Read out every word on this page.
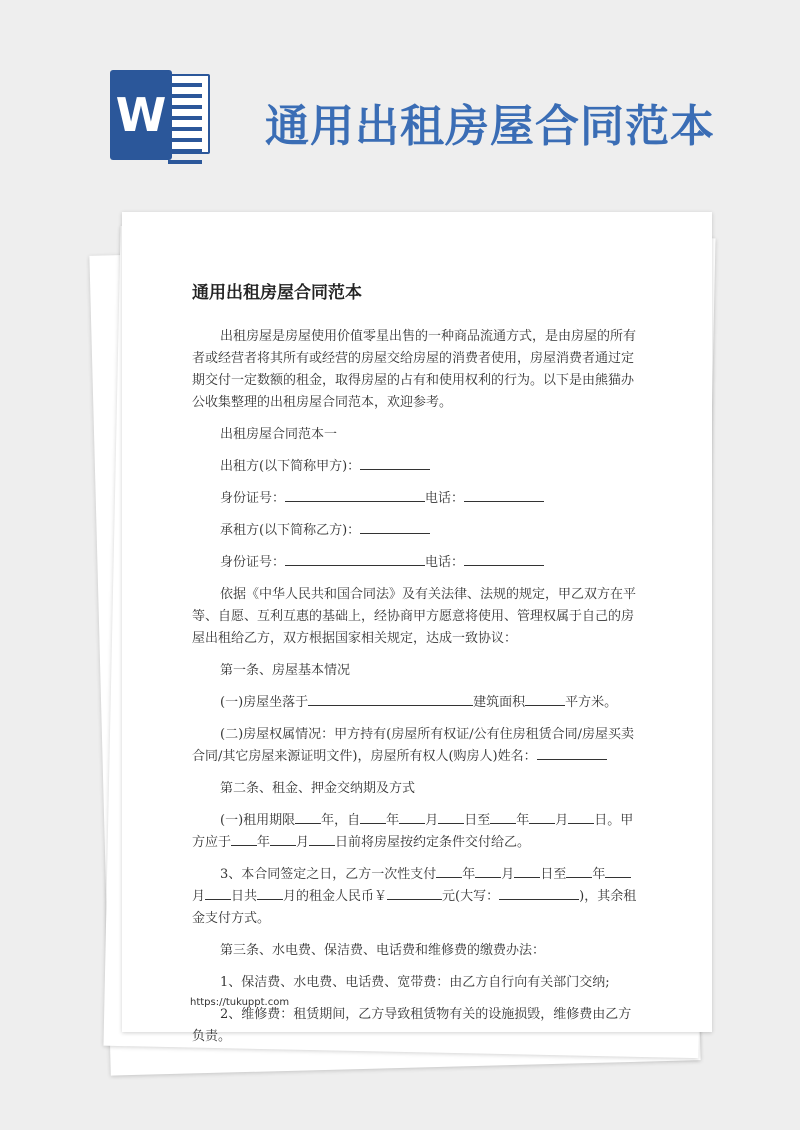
W 通用出租房屋合同范本
通用出租房屋合同范本

出租房屋是房屋使用价值零星出售的一种商品流通方式，是由房屋的所有者或经营者将其所有或经营的房屋交给房屋的消费者使用，房屋消费者通过定期交付一定数额的租金，取得房屋的占有和使用权利的行为。以下是由熊猫办公收集整理的出租房屋合同范本，欢迎参考。

出租房屋合同范本一

出租方(以下简称甲方)：

身份证号：	电话：

承租方(以下简称乙方)：

身份证号：	电话：

依据《中华人民共和国合同法》及有关法律、法规的规定，甲乙双方在平等、自愿、互利互惠的基础上，经协商甲方愿意将使用、管理权属于自己的房屋出租给乙方，双方根据国家相关规定，达成一致协议：

第一条、房屋基本情况

(一)房屋坐落于	建筑面积	平方米。

(二)房屋权属情况：甲方持有(房屋所有权证/公有住房租赁合同/房屋买卖合同/其它房屋来源证明文件)，房屋所有权人(购房人)姓名：

第二条、租金、押金交纳期及方式

(一)租用期限 年，自 年 月 日至 年 月 日。甲方应于 年 月 日前将房屋按约定条件交付给乙。

3、本合同签定之日，乙方一次性支付 年 月 日至 年月 日共 月的租金人民币￥	元(大写：	)，其余租金支付方式。

第三条、水电费、保洁费、电话费和维修费的缴费办法：

1、保洁费、水电费、电话费、宽带费：由乙方自行向有关部门交纳;

2、维修费：租赁期间，乙方导致租赁物有关的设施损毁，维修费由乙方负责。

https://tukuppt.com
